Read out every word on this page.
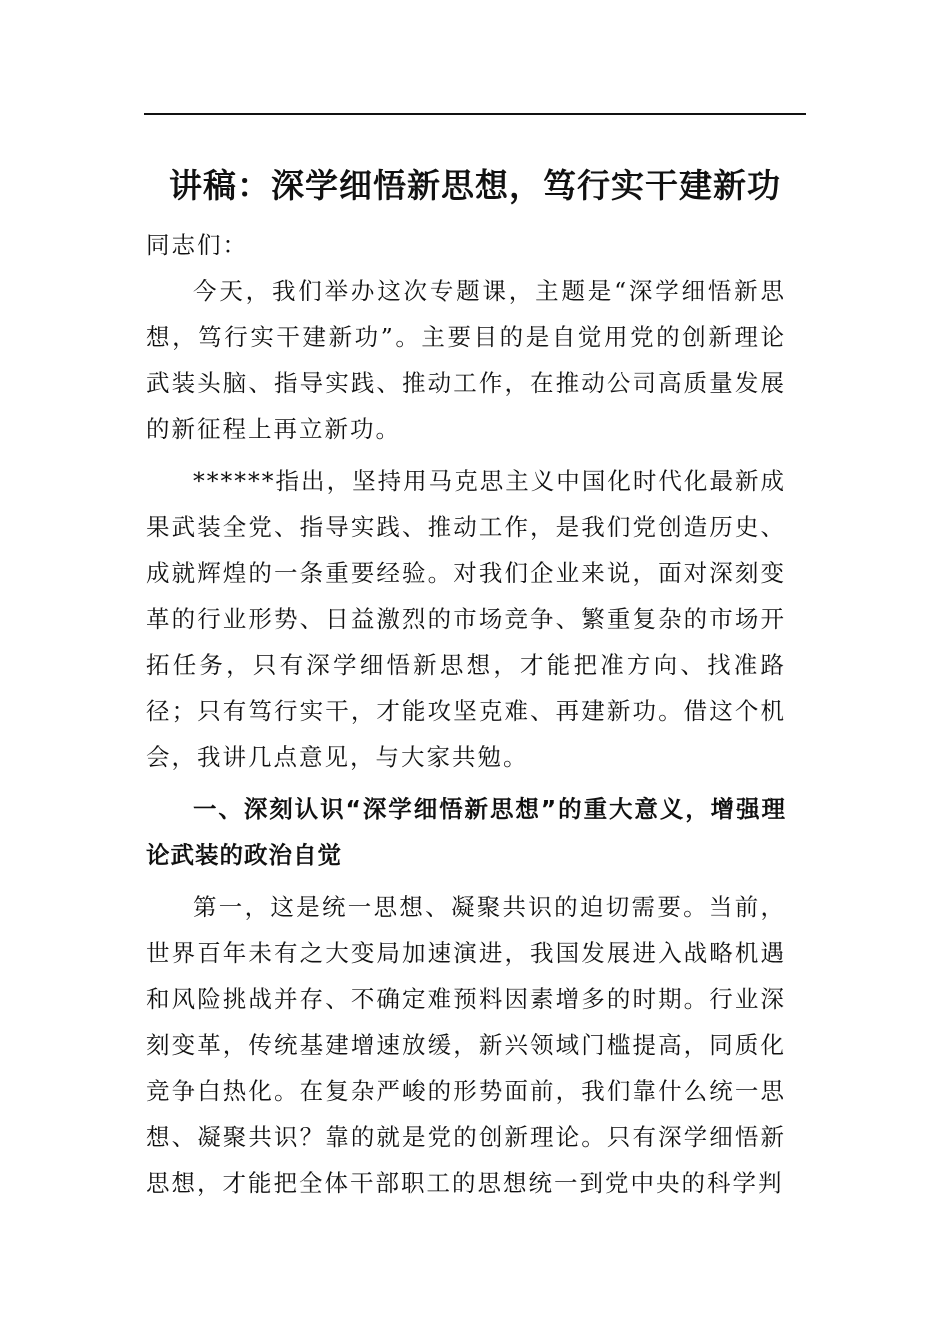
讲稿：深学细悟新思想，笃行实干建新功

同志们：

今天，我们举办这次专题课，主题是“深学细悟新思想，笃行实干建新功”。主要目的是自觉用党的创新理论武装头脑、指导实践、推动工作，在推动公司高质量发展的新征程上再立新功。

******指出，坚持用马克思主义中国化时代化最新成果武装全党、指导实践、推动工作，是我们党创造历史、成就辉煌的一条重要经验。对我们企业来说，面对深刻变革的行业形势、日益激烈的市场竞争、繁重复杂的市场开拓任务，只有深学细悟新思想，才能把准方向、找准路径；只有笃行实干，才能攻坚克难、再建新功。借这个机会，我讲几点意见，与大家共勉。

一、深刻认识“深学细悟新思想”的重大意义，增强理论武装的政治自觉

第一，这是统一思想、凝聚共识的迫切需要。当前，世界百年未有之大变局加速演进，我国发展进入战略机遇和风险挑战并存、不确定难预料因素增多的时期。行业深刻变革，传统基建增速放缓，新兴领域门槛提高，同质化竞争白热化。在复杂严峻的形势面前，我们靠什么统一思想、凝聚共识？靠的就是党的创新理论。只有深学细悟新思想，才能把全体干部职工的思想统一到党中央的科学判
